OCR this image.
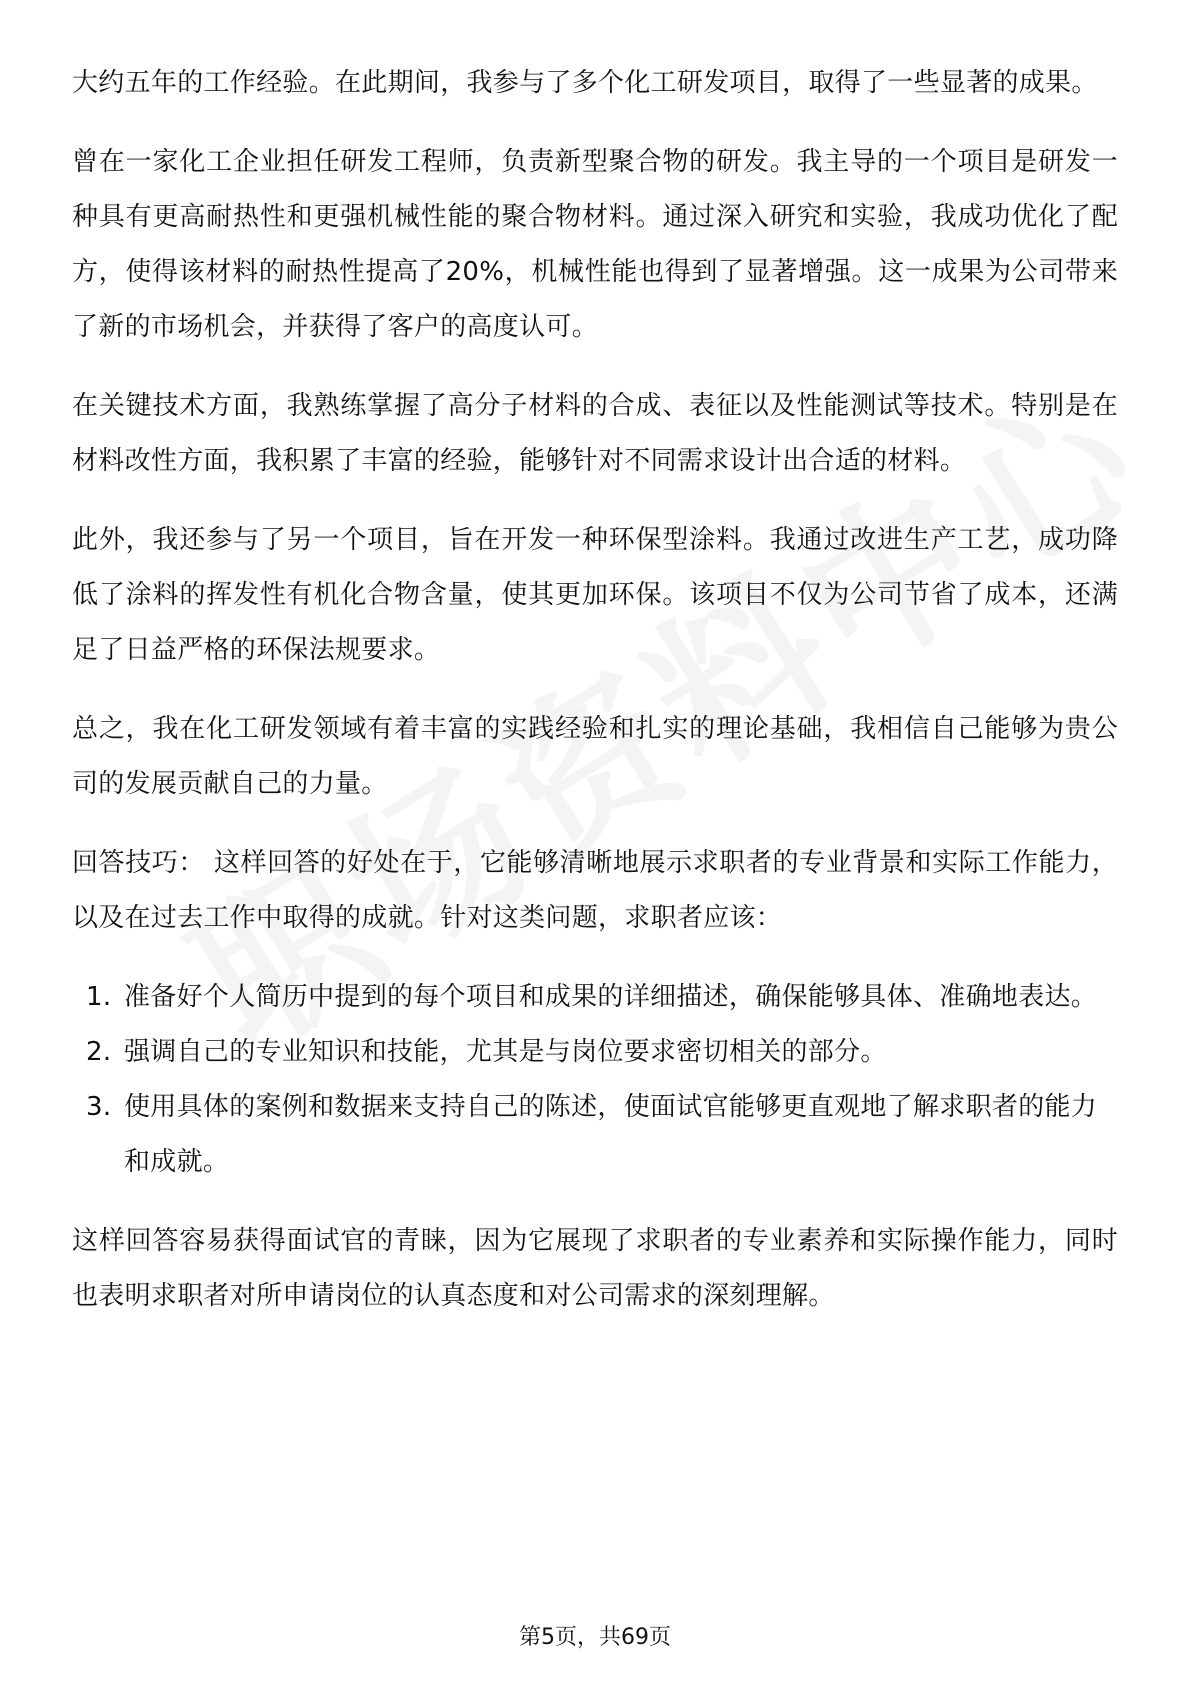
大约五年的工作经验。在此期间，我参与了多个化工研发项目，取得了一些显著的成果。

曾在一家化工企业担任研发工程师，负责新型聚合物的研发。我主导的一个项目是研发一种具有更高耐热性和更强机械性能的聚合物材料。通过深入研究和实验，我成功优化了配方，使得该材料的耐热性提高了20%，机械性能也得到了显著增强。这一成果为公司带来了新的市场机会，并获得了客户的高度认可。

在关键技术方面，我熟练掌握了高分子材料的合成、表征以及性能测试等技术。特别是在材料改性方面，我积累了丰富的经验，能够针对不同需求设计出合适的材料。

此外，我还参与了另一个项目，旨在开发一种环保型涂料。我通过改进生产工艺，成功降低了涂料的挥发性有机化合物含量，使其更加环保。该项目不仅为公司节省了成本，还满足了日益严格的环保法规要求。

总之，我在化工研发领域有着丰富的实践经验和扎实的理论基础，我相信自己能够为贵公司的发展贡献自己的力量。

回答技巧： 这样回答的好处在于，它能够清晰地展示求职者的专业背景和实际工作能力，以及在过去工作中取得的成就。针对这类问题，求职者应该：

1. 准备好个人简历中提到的每个项目和成果的详细描述，确保能够具体、准确地表达。
2. 强调自己的专业知识和技能，尤其是与岗位要求密切相关的部分。
3. 使用具体的案例和数据来支持自己的陈述，使面试官能够更直观地了解求职者的能力和成就。

这样回答容易获得面试官的青睐，因为它展现了求职者的专业素养和实际操作能力，同时也表明求职者对所申请岗位的认真态度和对公司需求的深刻理解。

第5页，共69页
